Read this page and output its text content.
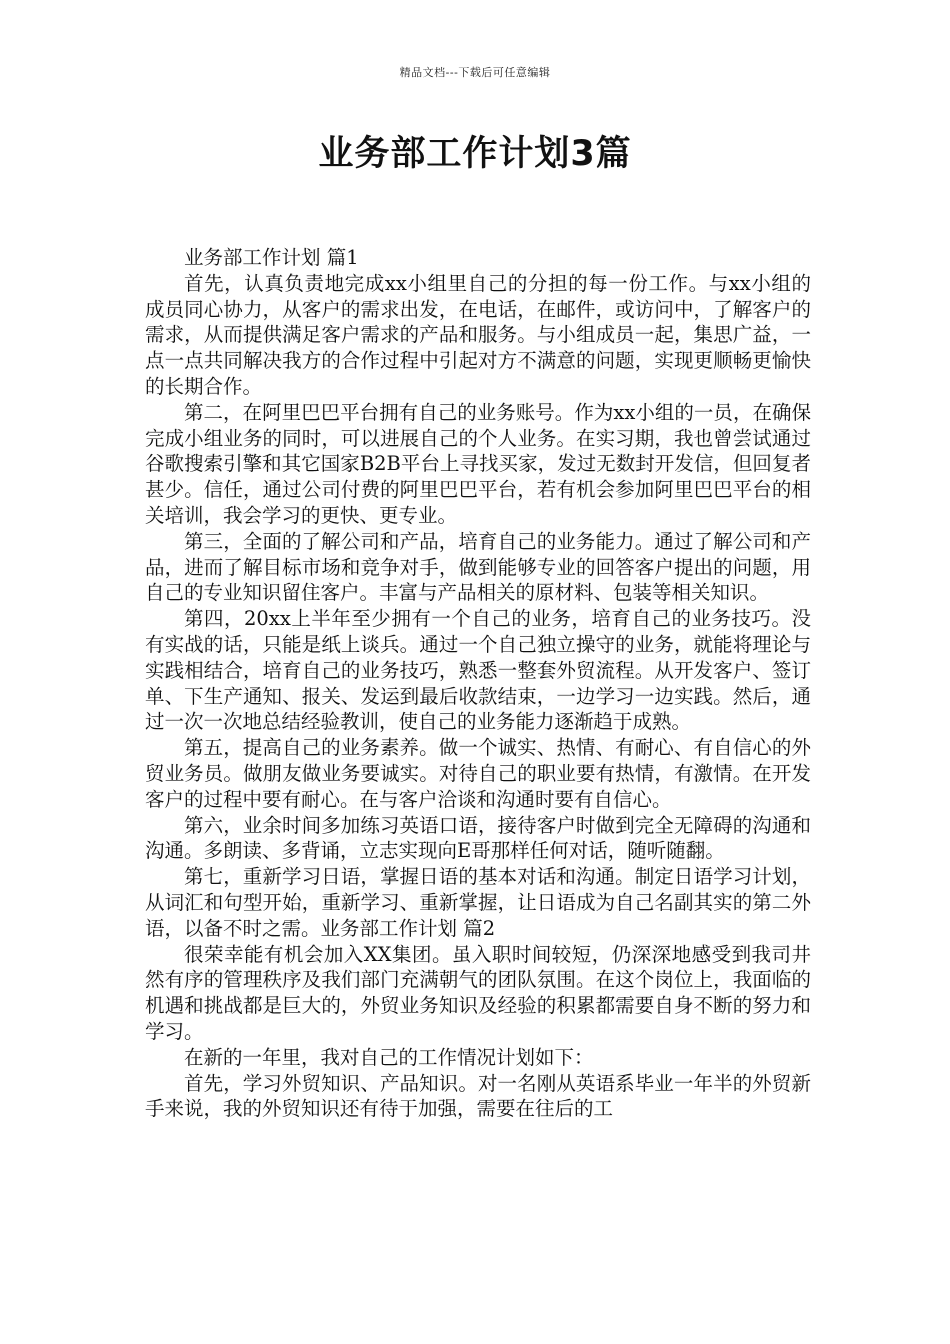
精品文档---下载后可任意编辑
业务部工作计划3篇

业务部工作计划 篇1

首先，认真负责地完成xx小组里自己的分担的每一份工作。与xx小组的成员同心协力，从客户的需求出发，在电话，在邮件，或访问中，了解客户的需求，从而提供满足客户需求的产品和服务。与小组成员一起，集思广益，一点一点共同解决我方的合作过程中引起对方不满意的问题，实现更顺畅更愉快的长期合作。

第二，在阿里巴巴平台拥有自己的业务账号。作为xx小组的一员，在确保完成小组业务的同时，可以进展自己的个人业务。在实习期，我也曾尝试通过谷歌搜索引擎和其它国家B2B平台上寻找买家，发过无数封开发信，但回复者甚少。信任，通过公司付费的阿里巴巴平台，若有机会参加阿里巴巴平台的相关培训，我会学习的更快、更专业。

第三，全面的了解公司和产品，培育自己的业务能力。通过了解公司和产品，进而了解目标市场和竞争对手，做到能够专业的回答客户提出的问题，用自己的专业知识留住客户。丰富与产品相关的原材料、包装等相关知识。

第四，20xx上半年至少拥有一个自己的业务，培育自己的业务技巧。没有实战的话，只能是纸上谈兵。通过一个自己独立操守的业务，就能将理论与实践相结合，培育自己的业务技巧，熟悉一整套外贸流程。从开发客户、签订单、下生产通知、报关、发运到最后收款结束，一边学习一边实践。然后，通过一次一次地总结经验教训，使自己的业务能力逐渐趋于成熟。

第五，提高自己的业务素养。做一个诚实、热情、有耐心、有自信心的外贸业务员。做朋友做业务要诚实。对待自己的职业要有热情，有激情。在开发客户的过程中要有耐心。在与客户洽谈和沟通时要有自信心。

第六，业余时间多加练习英语口语，接待客户时做到完全无障碍的沟通和沟通。多朗读、多背诵，立志实现向E哥那样任何对话，随听随翻。

第七，重新学习日语，掌握日语的基本对话和沟通。制定日语学习计划，从词汇和句型开始，重新学习、重新掌握，让日语成为自己名副其实的第二外语，以备不时之需。业务部工作计划 篇2

很荣幸能有机会加入XX集团。虽入职时间较短，仍深深地感受到我司井然有序的管理秩序及我们部门充满朝气的团队氛围。在这个岗位上，我面临的机遇和挑战都是巨大的，外贸业务知识及经验的积累都需要自身不断的努力和学习。

在新的一年里，我对自己的工作情况计划如下：

首先，学习外贸知识、产品知识。对一名刚从英语系毕业一年半的外贸新手来说，我的外贸知识还有待于加强，需要在往后的工
